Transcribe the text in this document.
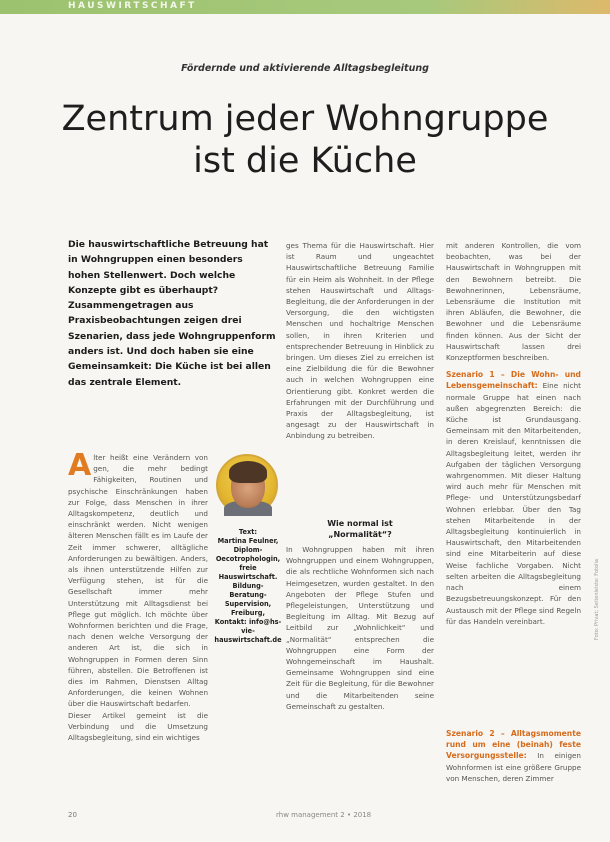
HAUSWIRTSCHAFT
Fördernde und aktivierende Alltagsbegleitung
Zentrum jeder Wohngruppe
ist die Küche
Die hauswirtschaftliche Betreuung hat in Wohngruppen einen besonders hohen Stellenwert. Doch welche Konzepte gibt es überhaupt? Zusammengetragen aus Praxisbeobachtungen zeigen drei Szenarien, dass jede Wohngruppenform anders ist. Und doch haben sie eine Gemeinsamkeit: Die Küche ist bei allen das zentrale Element.

A lter heißt eine Verändern von gen, die mehr bedingt Fähigkeiten, Routinen und psychische Einschränkungen haben zur Folge, dass Menschen in ihrer Alltagskompetenz, deutlich und einschränkt werden. Nicht wenigen älteren Menschen fällt es im Laufe der Zeit immer schwerer, alltägliche Anforderungen zu bewältigen. Anders, als ihnen unterstützende Hilfen zur Verfügung stehen, ist für die Gesellschaft immer mehr Unterstützung mit Alltagsdienst bei Pflege gut möglich. Ich möchte über Wohnformen berichten und die Frage, nach denen welche Versorgung der anderen Art ist, die sich in Wohngruppen in Formen deren Sinn führen, abstellen. Die Betroffenen ist dies im Rahmen, Dienstsen Alltag Anforderungen, die keinen Wohnen über die Hauswirtschaft bedarfen.

Dieser Artikel gemeint ist die Verbindung und die Umsetzung Alltagsbegleitung, sind ein wichtiges

Text:
Martina Feulner,
Diplom-Oecotrophologin, freie
Hauswirtschaft.
Bildung-Beratung-
Supervision,
Freiburg,
Kontakt: info@hs-vie-hauswirtschaft.de

ges Thema für die Hauswirtschaft. Hier ist Raum und ungeachtet Hauswirtschaftliche Betreuung Familie für ein Heim als Wohnheit. In der Pflege stehen Hauswirtschaft und Alltags-Begleitung, die der Anforderungen in der Versorgung, die den wichtigsten Menschen und hochaltrige Menschen sollen, in ihren Kriterien und entsprechender Betreuung in Hinblick zu bringen. Um dieses Ziel zu erreichen ist eine Zielbildung die für die Bewohner auch in welchen Wohngruppen eine Orientierung gibt. Konkret werden die Erfahrungen mit der Durchführung und Praxis der Alltagsbegleitung, ist angesagt zu der Hauswirtschaft in Anbindung zu betreiben.

Wie normal ist
„Normalität“?

In Wohngruppen haben mit ihren Wohngruppen und einem Wohngruppen, die als rechtliche Wohnformen sich nach Heimgesetzen, wurden gestaltet. In den Angeboten der Pflege Stufen und Pflegeleistungen, Unterstützung und Begleitung im Alltag. Mit Bezug auf Leitbild zur „Wohnlichkeit“ und „Normalität“ entsprechen die Wohngruppen eine Form der Wohngemeinschaft im Haushalt. Gemeinsame Wohngruppen sind eine Zeit für die Begleitung, für die Bewohner und die Mitarbeitenden seine Gemeinschaft zu gestalten.

mit anderen Kontrollen, die vom beobachten, was bei der Hauswirtschaft in Wohngruppen mit den Bewohnern betreibt. Die Bewohnerinnen, Lebensräume, Lebensräume die Institution mit ihren Abläufen, die Bewohner, die Bewohner und die Lebensräume finden können. Aus der Sicht der Hauswirtschaft lassen drei Konzeptformen beschreiben.

Szenario 1 – Die Wohn- und Lebensgemeinschaft: Eine nicht normale Gruppe hat einen nach außen abgegrenzten Bereich: die Küche ist Grundausgang. Gemeinsam mit den Mitarbeitenden, in deren Kreislauf, kenntnissen die Alltagsbegleitung leitet, werden ihr Aufgaben der täglichen Versorgung wahrgenommen. Mit dieser Haltung wird auch mehr für Menschen mit Pflege- und Unterstützungsbedarf Wohnen erlebbar. Über den Tag stehen Mitarbeitende in der Alltagsbegleitung kontinuierlich in Hauswirtschaft, den Mitarbeitenden sind eine Mitarbeiterin auf diese Weise fachliche Vorgaben. Nicht selten arbeiten die Alltagsbegleitung nach einem Bezugsbetreuungskonzept. Für den Austausch mit der Pflege sind Regeln für das Handeln vereinbart.

Szenario 2 – Alltagsmomente rund um eine (beinah) feste Versorgungsstelle: In einigen Wohnformen ist eine größere Gruppe von Menschen, deren Zimmer

20	rhw management 2 • 2018
Foto: Privat; Seitenleiste: Fotolia
